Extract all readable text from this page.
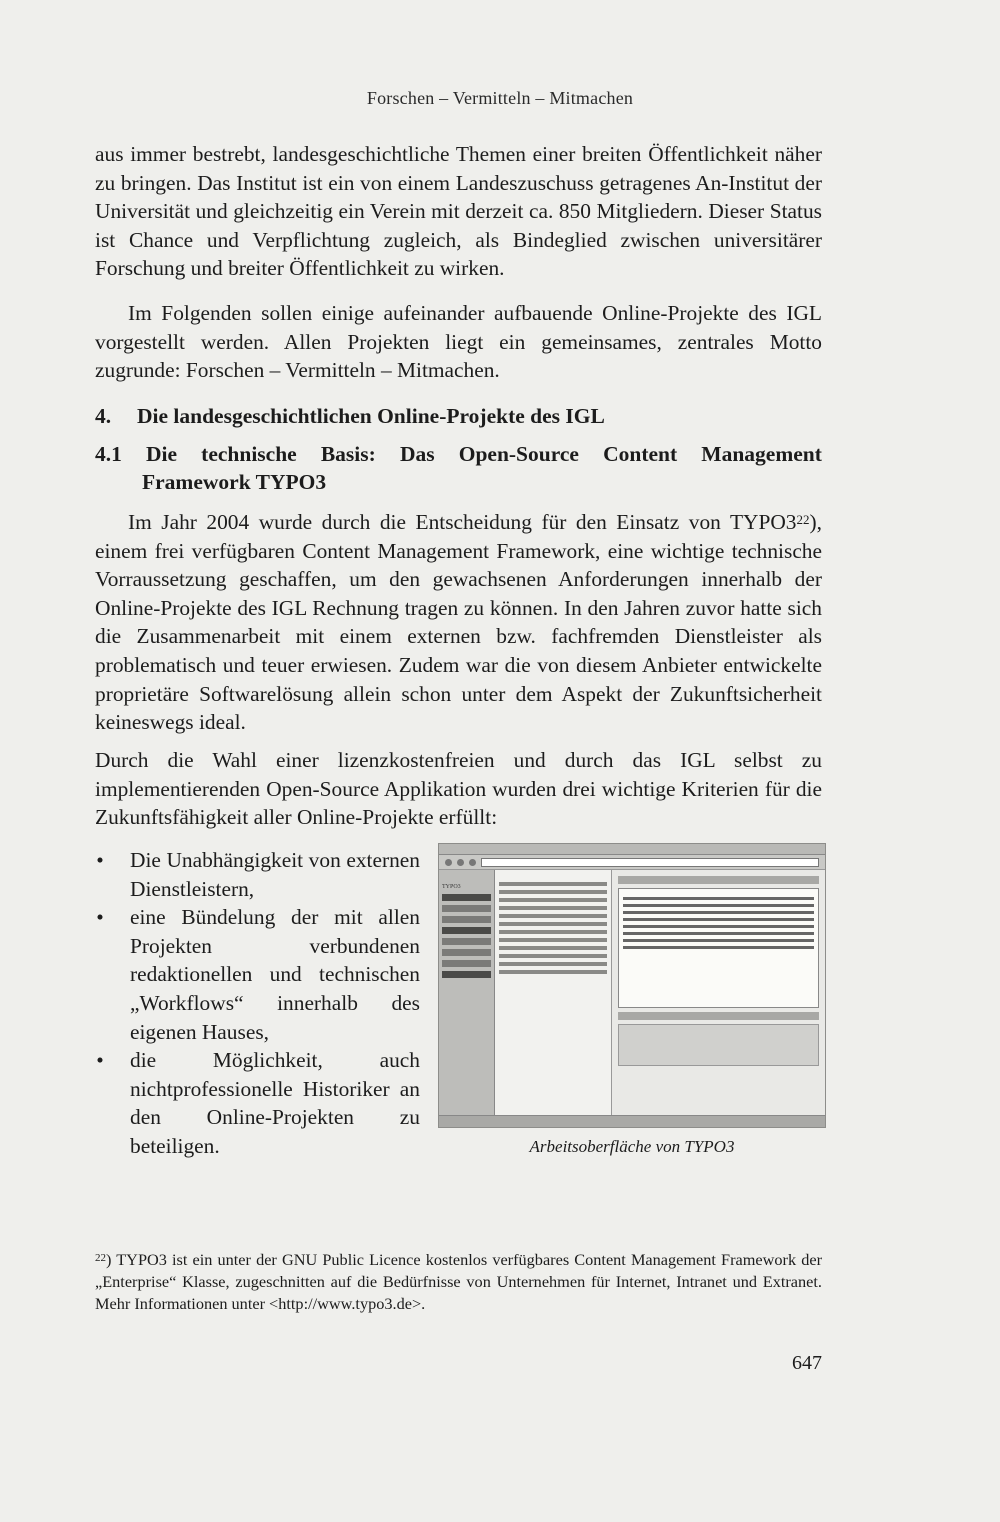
Forschen – Vermitteln – Mitmachen
aus immer bestrebt, landesgeschichtliche Themen einer breiten Öffentlichkeit näher zu bringen. Das Institut ist ein von einem Landeszuschuss getragenes An-Institut der Universität und gleichzeitig ein Verein mit derzeit ca. 850 Mitgliedern. Dieser Status ist Chance und Verpflichtung zugleich, als Bindeglied zwischen universitärer Forschung und breiter Öffentlichkeit zu wirken.
Im Folgenden sollen einige aufeinander aufbauende Online-Projekte des IGL vorgestellt werden. Allen Projekten liegt ein gemeinsames, zentrales Motto zugrunde: Forschen – Vermitteln – Mitmachen.
4. Die landesgeschichtlichen Online-Projekte des IGL
4.1 Die technische Basis: Das Open-Source Content Management
Framework TYPO3
Im Jahr 2004 wurde durch die Entscheidung für den Einsatz von TYPO3$^{22}$), einem frei verfügbaren Content Management Framework, eine wichtige technische Vorraussetzung geschaffen, um den gewachsenen Anforderungen innerhalb der Online-Projekte des IGL Rechnung tragen zu können. In den Jahren zuvor hatte sich die Zusammenarbeit mit einem externen bzw. fachfremden Dienstleister als problematisch und teuer erwiesen. Zudem war die von diesem Anbieter entwickelte proprietäre Softwarelösung allein schon unter dem Aspekt der Zukunftsicherheit keineswegs ideal.
Durch die Wahl einer lizenzkostenfreien und durch das IGL selbst zu implementierenden Open-Source Applikation wurden drei wichtige Kriterien für die Zukunftsfähigkeit aller Online-Projekte erfüllt:
• Die Unabhängigkeit von externen Dienstleistern,
• eine Bündelung der mit allen Projekten verbundenen redaktionellen und technischen „Workflows“ innerhalb des eigenen Hauses,
• die Möglichkeit, auch nichtprofessionelle Historiker an den Online-Projekten zu beteiligen.
TYPO3
Arbeitsoberfläche von TYPO3
$^{22}$) TYPO3 ist ein unter der GNU Public Licence kostenlos verfügbares Content Management Framework der „Enterprise“ Klasse, zugeschnitten auf die Bedürfnisse von Unternehmen für Internet, Intranet und Extranet. Mehr Informationen unter <http://www.typo3.de>.
647
